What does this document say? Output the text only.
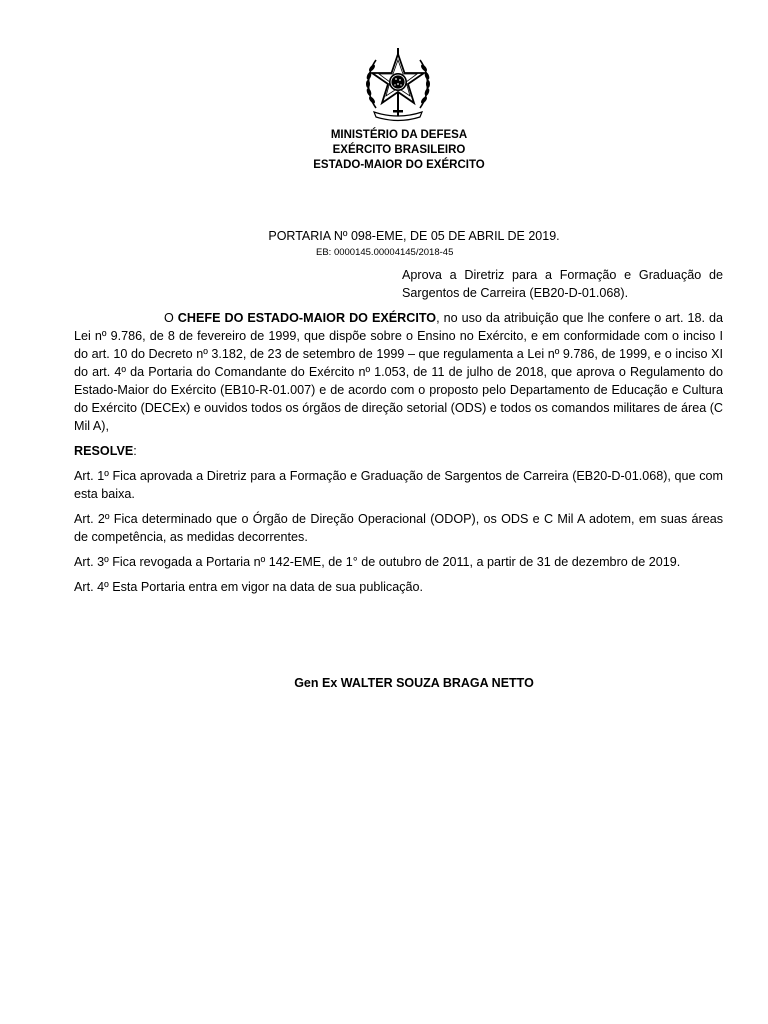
MINISTÉRIO DA DEFESA
EXÉRCITO BRASILEIRO
ESTADO-MAIOR DO EXÉRCITO
PORTARIA Nº 098-EME, DE 05 DE ABRIL DE 2019.
EB: 0000145.00004145/2018-45
Aprova a Diretriz para a Formação e Graduação de Sargentos de Carreira (EB20-D-01.068).

O CHEFE DO ESTADO-MAIOR DO EXÉRCITO, no uso da atribuição que lhe confere o art. 18. da Lei nº 9.786, de 8 de fevereiro de 1999, que dispõe sobre o Ensino no Exército, e em conformidade com o inciso I do art. 10 do Decreto nº 3.182, de 23 de setembro de 1999 – que regulamenta a Lei nº 9.786, de 1999, e o inciso XI do art. 4º da Portaria do Comandante do Exército nº 1.053, de 11 de julho de 2018, que aprova o Regulamento do Estado-Maior do Exército (EB10-R-01.007) e de acordo com o proposto pelo Departamento de Educação e Cultura do Exército (DECEx) e ouvidos todos os órgãos de direção setorial (ODS) e todos os comandos militares de área (C Mil A),

RESOLVE:

Art. 1º Fica aprovada a Diretriz para a Formação e Graduação de Sargentos de Carreira (EB20-D-01.068), que com esta baixa.

Art. 2º Fica determinado que o Órgão de Direção Operacional (ODOP), os ODS e C Mil A adotem, em suas áreas de competência, as medidas decorrentes.

Art. 3º Fica revogada a Portaria nº 142-EME, de 1° de outubro de 2011, a partir de 31 de dezembro de 2019.

Art. 4º Esta Portaria entra em vigor na data de sua publicação.

Gen Ex WALTER SOUZA BRAGA NETTO
